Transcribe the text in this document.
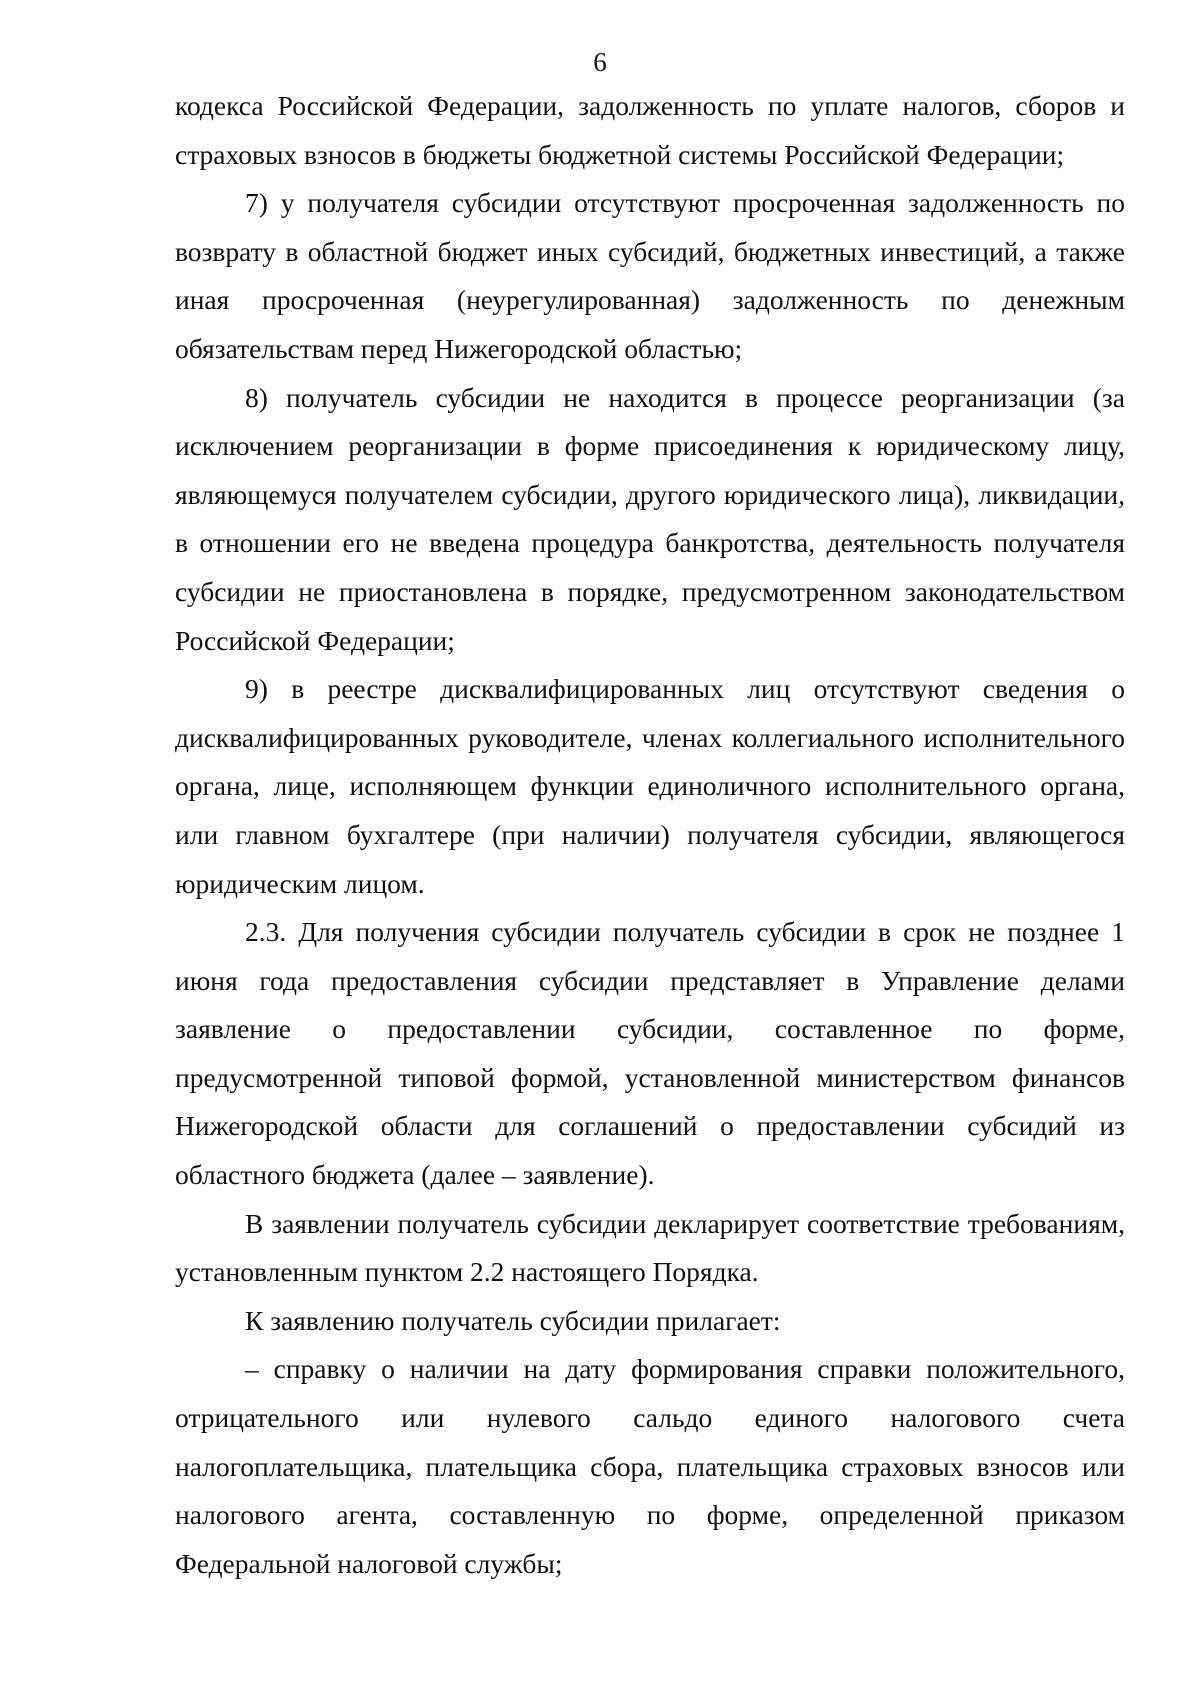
6

кодекса Российской Федерации, задолженность по уплате налогов, сборов и страховых взносов в бюджеты бюджетной системы Российской Федерации;

7) у получателя субсидии отсутствуют просроченная задолженность по возврату в областной бюджет иных субсидий, бюджетных инвестиций, а также иная просроченная (неурегулированная) задолженность по денежным обязательствам перед Нижегородской областью;

8) получатель субсидии не находится в процессе реорганизации (за исключением реорганизации в форме присоединения к юридическому лицу, являющемуся получателем субсидии, другого юридического лица), ликвидации, в отношении его не введена процедура банкротства, деятельность получателя субсидии не приостановлена в порядке, предусмотренном законодательством Российской Федерации;

9) в реестре дисквалифицированных лиц отсутствуют сведения о дисквалифицированных руководителе, членах коллегиального исполнительного органа, лице, исполняющем функции единоличного исполнительного органа, или главном бухгалтере (при наличии) получателя субсидии, являющегося юридическим лицом.

2.3. Для получения субсидии получатель субсидии в срок не позднее 1 июня года предоставления субсидии представляет в Управление делами заявление о предоставлении субсидии, составленное по форме, предусмотренной типовой формой, установленной министерством финансов Нижегородской области для соглашений о предоставлении субсидий из областного бюджета (далее – заявление).

В заявлении получатель субсидии декларирует соответствие требованиям, установленным пунктом 2.2 настоящего Порядка.

К заявлению получатель субсидии прилагает:

– справку о наличии на дату формирования справки положительного, отрицательного или нулевого сальдо единого налогового счета налогоплательщика, плательщика сбора, плательщика страховых взносов или налогового агента, составленную по форме, определенной приказом Федеральной налоговой службы;
